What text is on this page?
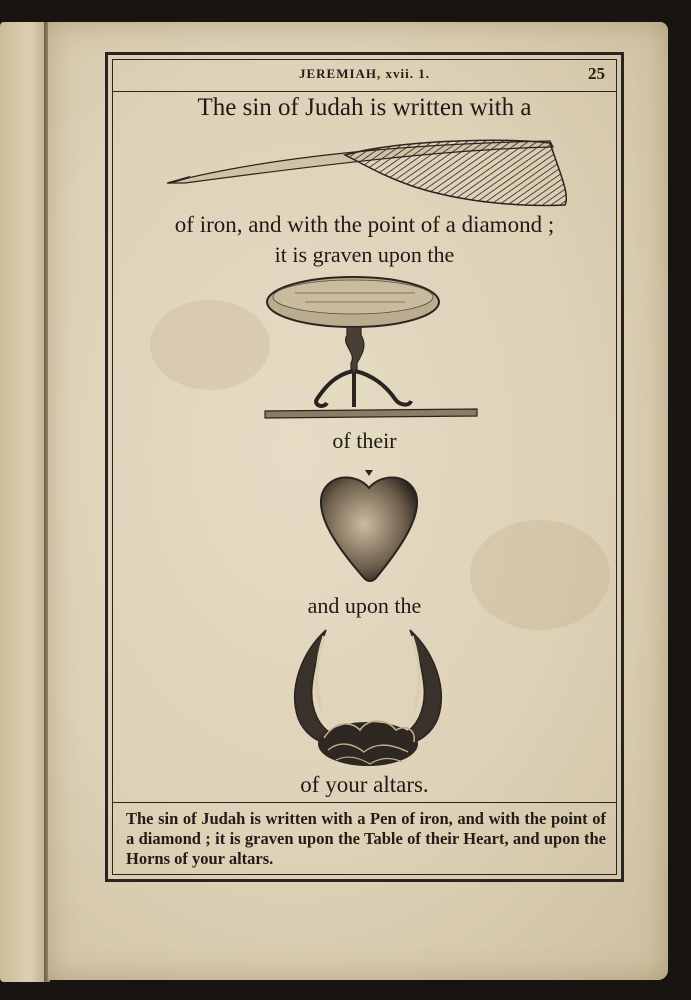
JEREMIAH, xvii. 1.	25
The sin of Judah is written with a
of iron, and with the point of a diamond ;
it is graven upon the
of their
and upon the
of your altars.
The sin of Judah is written with a Pen of iron, and with the point of a diamond ; it is graven upon the Table of their Heart, and upon the Horns of your altars.
